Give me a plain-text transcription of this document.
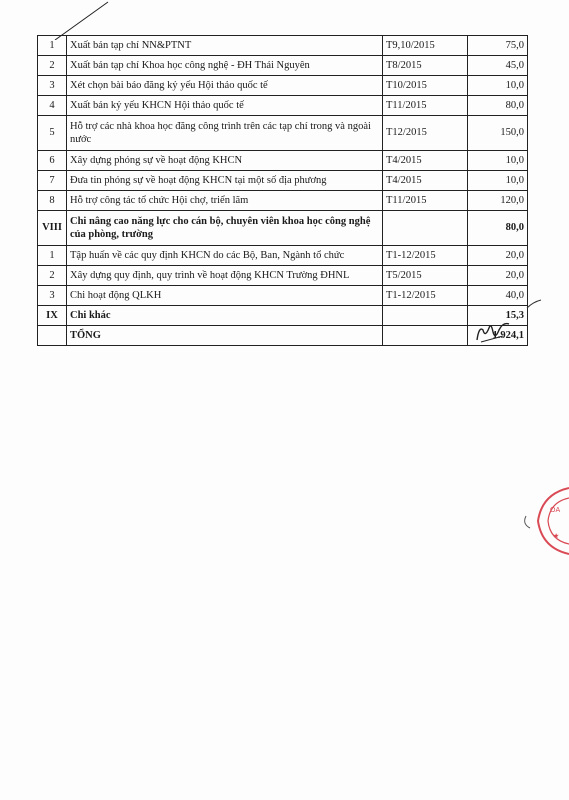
1	Xuất bản tạp chí NN&PTNT	T9,10/2015	75,0
2	Xuất bản tạp chí Khoa học công nghệ - ĐH Thái Nguyên	T8/2015	45,0
3	Xét chọn bài báo đăng kỷ yếu Hội thảo quốc tế	T10/2015	10,0
4	Xuất bản kỷ yếu KHCN Hội thảo quốc tế	T11/2015	80,0
5	Hỗ trợ các nhà khoa học đăng công trình trên các tạp chí trong và ngoài nước	T12/2015	150,0
6	Xây dựng phóng sự về hoạt động KHCN	T4/2015	10,0
7	Đưa tin phóng sự về hoạt động KHCN tại một số địa phương	T4/2015	10,0
8	Hỗ trợ công tác tổ chức Hội chợ, triển lãm	T11/2015	120,0
VIII	Chi nâng cao năng lực cho cán bộ, chuyên viên khoa học công nghệ của phòng, trường		80,0
1	Tập huấn về các quy định KHCN do các Bộ, Ban, Ngành tổ chức	T1-12/2015	20,0
2	Xây dựng quy định, quy trình về hoạt động KHCN Trường ĐHNL	T5/2015	20,0
3	Chi hoạt động QLKH	T1-12/2015	40,0
IX	Chi khác		15,3
	TỔNG		1.924,1
OA
★
